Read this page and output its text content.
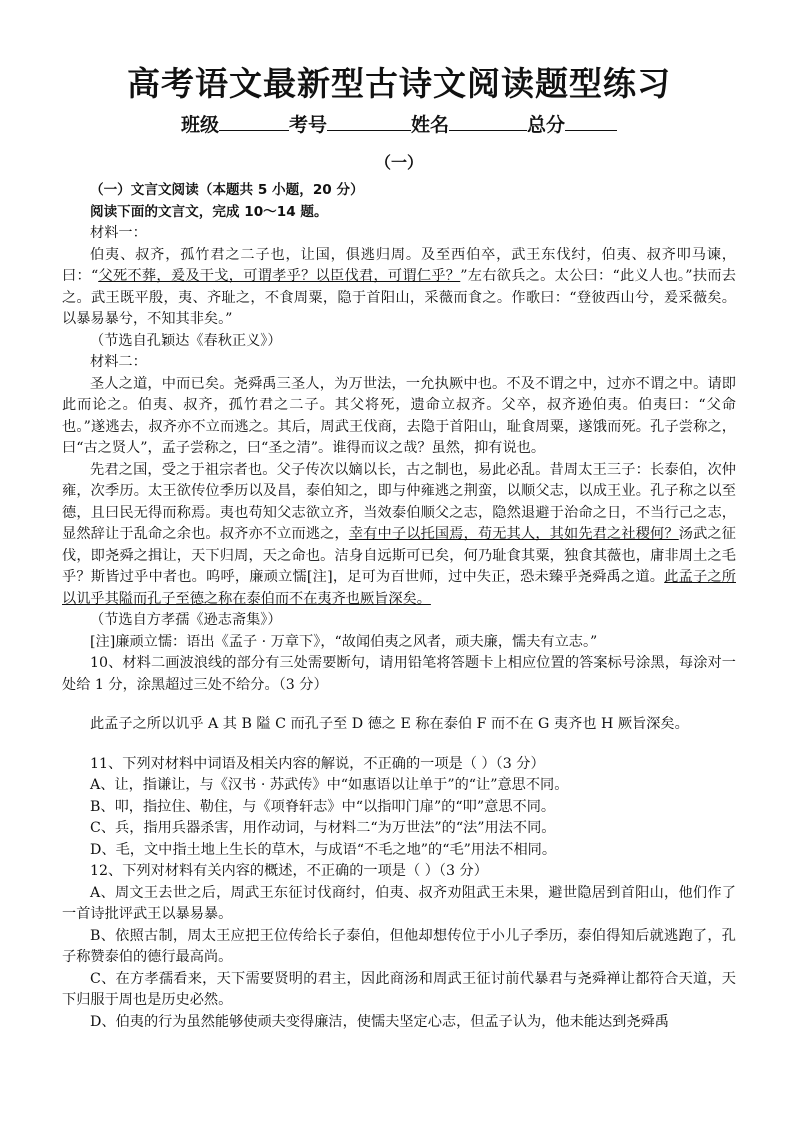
高考语文最新型古诗文阅读题型练习
班级	考号	姓名	总分
（一）

（一）文言文阅读（本题共 5 小题，20 分）

阅读下面的文言文，完成 10～14 题。

材料一：

伯夷、叔齐，孤竹君之二子也，让国，俱逃归周。及至西伯卒，武王东伐纣，伯夷、叔齐叩马谏，曰：“父死不葬，爰及干戈，可谓孝乎？以臣伐君，可谓仁乎？”左右欲兵之。太公曰：“此义人也。”扶而去之。武王既平殷，夷、齐耻之，不食周粟，隐于首阳山，采薇而食之。作歌曰：“登彼西山兮，爰采薇矣。以暴易暴兮，不知其非矣。”

（节选自孔颖达《春秋正义》）

材料二：

圣人之道，中而已矣。尧舜禹三圣人，为万世法，一允执厥中也。不及不谓之中，过亦不谓之中。请即此而论之。伯夷、叔齐，孤竹君之二子。其父将死，遗命立叔齐。父卒，叔齐逊伯夷。伯夷曰：“父命也。”遂逃去，叔齐亦不立而逃之。其后，周武王伐商，去隐于首阳山，耻食周粟，遂饿而死。孔子尝称之，曰“古之贤人”，孟子尝称之，曰“圣之清”。谁得而议之哉？虽然，抑有说也。

先君之国，受之于祖宗者也。父子传次以嫡以长，古之制也，易此必乱。昔周太王三子：长泰伯，次仲雍，次季历。太王欲传位季历以及昌，泰伯知之，即与仲雍逃之荆蛮，以顺父志，以成王业。孔子称之以至德，且曰民无得而称焉。夷也苟知父志欲立齐，当效泰伯顺父之志，隐然退避于治命之日，不当行己之志，显然辞让于乱命之余也。叔齐亦不立而逃之，幸有中子以托国焉，苟无其人，其如先君之社稷何？汤武之征伐，即尧舜之揖让，天下归周，天之命也。洁身自远斯可已矣，何乃耻食其粟，独食其薇也，庸非周土之毛乎？斯皆过乎中者也。呜呼，廉顽立懦[注]，足可为百世师，过中失正，恐未臻乎尧舜禹之道。此孟子之所以讥乎其隘而孔子至德之称在泰伯而不在夷齐也厥旨深矣。

（节选自方孝孺《逊志斋集》）

[注]廉顽立懦：语出《孟子 · 万章下》，“故闻伯夷之风者，顽夫廉，懦夫有立志。”

10、材料二画波浪线的部分有三处需要断句，请用铅笔将答题卡上相应位置的答案标号涂黑，每涂对一处给 1 分，涂黑超过三处不给分。（3 分）

此孟子之所以讥乎 A 其 B 隘 C 而孔子至 D 德之 E 称在泰伯 F 而不在 G 夷齐也 H 厥旨深矣。

11、下列对材料中词语及相关内容的解说，不正确的一项是（ ）（3 分）

A、让，指谦让，与《汉书 · 苏武传》中“如惠语以让单于”的“让”意思不同。

B、叩，指拉住、勒住，与《项脊轩志》中“以指叩门扉”的“叩”意思不同。

C、兵，指用兵器杀害，用作动词，与材料二“为万世法”的“法”用法不同。

D、毛，文中指土地上生长的草木，与成语“不毛之地”的“毛”用法不相同。

12、下列对材料有关内容的概述，不正确的一项是（ ）（3 分）

A、周文王去世之后，周武王东征讨伐商纣，伯夷、叔齐劝阻武王未果，避世隐居到首阳山，他们作了一首诗批评武王以暴易暴。

B、依照古制，周太王应把王位传给长子泰伯，但他却想传位于小儿子季历，泰伯得知后就逃跑了，孔子称赞泰伯的德行最高尚。

C、在方孝孺看来，天下需要贤明的君主，因此商汤和周武王征讨前代暴君与尧舜禅让都符合天道，天下归服于周也是历史必然。

D、伯夷的行为虽然能够使顽夫变得廉洁，使懦夫坚定心志，但孟子认为，他未能达到尧舜禹
